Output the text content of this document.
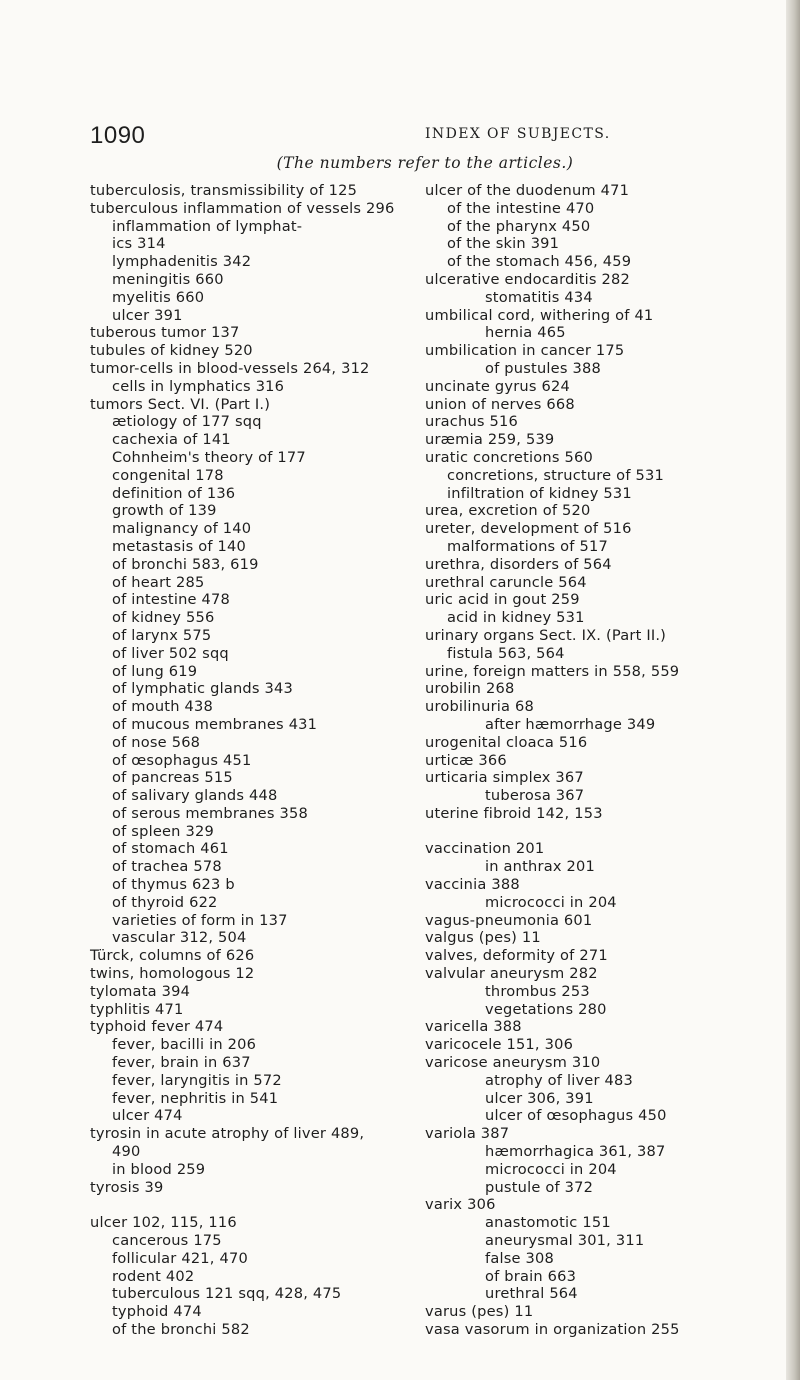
1090	INDEX OF SUBJECTS.
(The numbers refer to the articles.)
tuberculosis, transmissibility of 125
tuberculous inflammation of vessels 296
inflammation of lymphat-
ics 314
lymphadenitis 342
meningitis 660
myelitis 660
ulcer 391
tuberous tumor 137
tubules of kidney 520
tumor-cells in blood-vessels 264, 312
cells in lymphatics 316
tumors Sect. VI. (Part I.)
ætiology of 177 sqq
cachexia of 141
Cohnheim's theory of 177
congenital 178
definition of 136
growth of 139
malignancy of 140
metastasis of 140
of bronchi 583, 619
of heart 285
of intestine 478
of kidney 556
of larynx 575
of liver 502 sqq
of lung 619
of lymphatic glands 343
of mouth 438
of mucous membranes 431
of nose 568
of œsophagus 451
of pancreas 515
of salivary glands 448
of serous membranes 358
of spleen 329
of stomach 461
of trachea 578
of thymus 623 b
of thyroid 622
varieties of form in 137
vascular 312, 504
Türck, columns of 626
twins, homologous 12
tylomata 394
typhlitis 471
typhoid fever 474
fever, bacilli in 206
fever, brain in 637
fever, laryngitis in 572
fever, nephritis in 541
ulcer 474
tyrosin in acute atrophy of liver 489,
490
in blood 259
tyrosis 39
ulcer 102, 115, 116
cancerous 175
follicular 421, 470
rodent 402
tuberculous 121 sqq, 428, 475
typhoid 474
of the bronchi 582
ulcer of the duodenum 471
of the intestine 470
of the pharynx 450
of the skin 391
of the stomach 456, 459
ulcerative endocarditis 282
stomatitis 434
umbilical cord, withering of 41
hernia 465
umbilication in cancer 175
of pustules 388
uncinate gyrus 624
union of nerves 668
urachus 516
uræmia 259, 539
uratic concretions 560
concretions, structure of 531
infiltration of kidney 531
urea, excretion of 520
ureter, development of 516
malformations of 517
urethra, disorders of 564
urethral caruncle 564
uric acid in gout 259
acid in kidney 531
urinary organs Sect. IX. (Part II.)
fistula 563, 564
urine, foreign matters in 558, 559
urobilin 268
urobilinuria 68
after hæmorrhage 349
urogenital cloaca 516
urticæ 366
urticaria simplex 367
tuberosa 367
uterine fibroid 142, 153
vaccination 201
in anthrax 201
vaccinia 388
micrococci in 204
vagus-pneumonia 601
valgus (pes) 11
valves, deformity of 271
valvular aneurysm 282
thrombus 253
vegetations 280
varicella 388
varicocele 151, 306
varicose aneurysm 310
atrophy of liver 483
ulcer 306, 391
ulcer of œsophagus 450
variola 387
hæmorrhagica 361, 387
micrococci in 204
pustule of 372
varix 306
anastomotic 151
aneurysmal 301, 311
false 308
of brain 663
urethral 564
varus (pes) 11
vasa vasorum in organization 255
